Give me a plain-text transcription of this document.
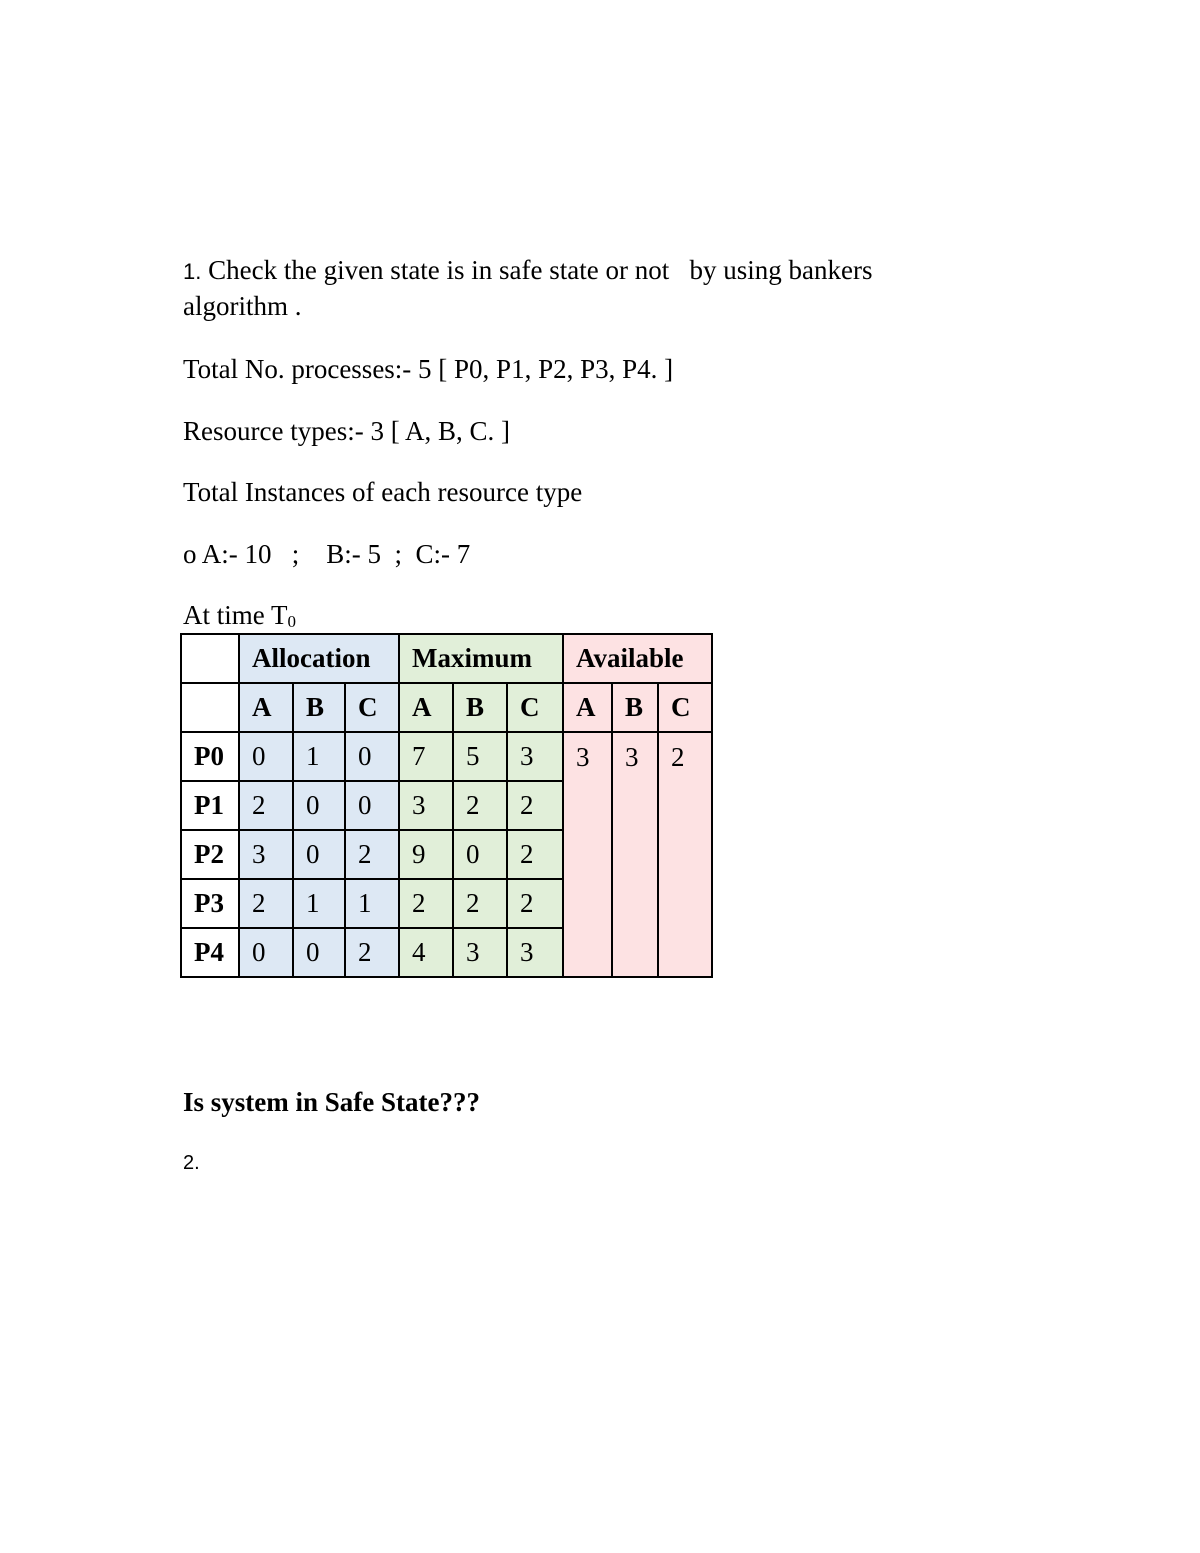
1. Check the given state is in safe state or not   by using bankers
algorithm .
Total No. processes:- 5 [ P0, P1, P2, P3, P4. ]
Resource types:- 3 [ A, B, C. ]
Total Instances of each resource type
o A:- 10   ;    B:- 5  ;  C:- 7
At time $T_0$
	Allocation			Maximum			Available		
	A	B	C	A	B	C	A	B	C
P0	0	1	0	7	5	3	3	3	2
P1	2	0	0	3	2	2			
P2	3	0	2	9	0	2			
P3	2	1	1	2	2	2			
P4	0	0	2	4	3	3			
Is system in Safe State???
2.
